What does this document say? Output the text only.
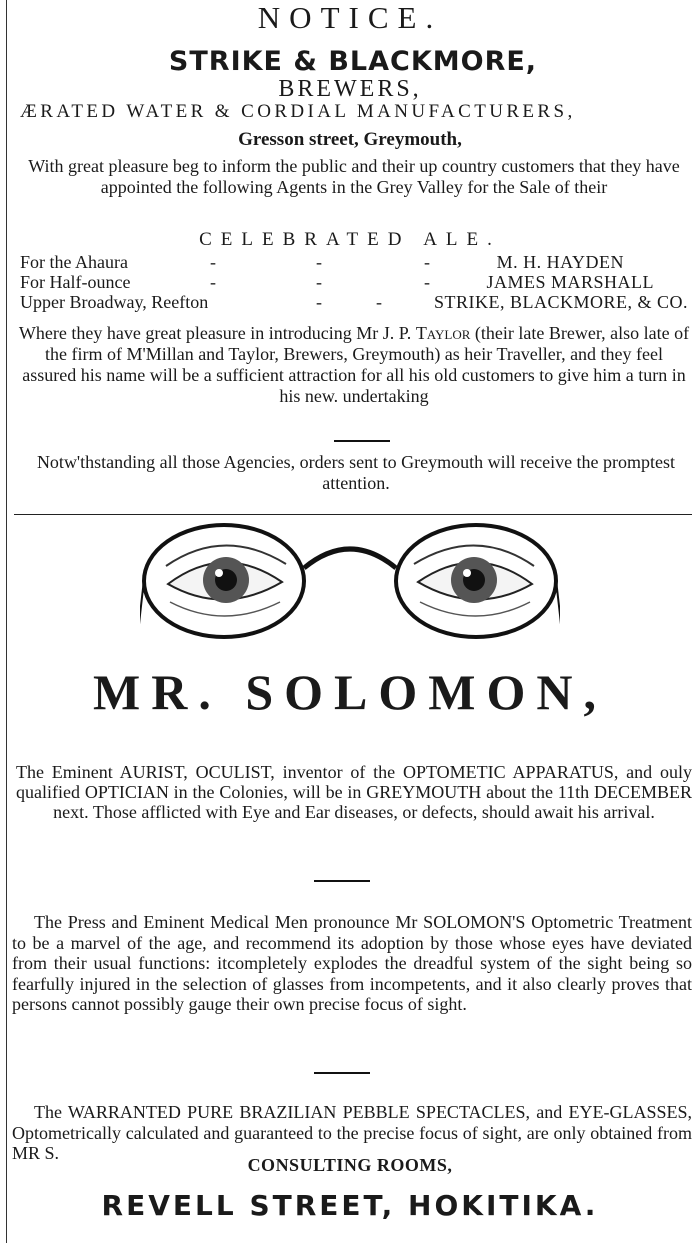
NOTICE.
STRIKE & BLACKMORE,
BREWERS,
ÆRATED WATER & CORDIAL MANUFACTURERS,
Gresson street, Greymouth,
With great pleasure beg to inform the public and their up country customers that they have appointed the following Agents in the Grey Valley for the Sale of their
CELEBRATED ALE.
For the Ahaura	-	-	-	M. H. HAYDEN
For Half-ounce	-	-	-	JAMES MARSHALL
Upper Broadway, Reefton	-	-	STRIKE, BLACKMORE, & CO.
Where they have great pleasure in introducing Mr J. P. Taylor (their late Brewer, also late of the firm of M'Millan and Taylor, Brewers, Greymouth) as heir Traveller, and they feel assured his name will be a sufficient attraction for all his old customers to give him a turn in his new. undertaking
Notw'thstanding all those Agencies, orders sent to Greymouth will receive the promptest attention.
MR. SOLOMON,
The Eminent AURIST, OCULIST, inventor of the OPTOMETIC APPARATUS, and ouly qualified OPTICIAN in the Colonies, will be in GREYMOUTH about the 11th DECEMBER next. Those afflicted with Eye and Ear diseases, or defects, should await his arrival.
The Press and Eminent Medical Men pronounce Mr SOLOMON'S Optometric Treatment to be a marvel of the age, and recommend its adoption by those whose eyes have deviated from their usual functions: itcompletely explodes the dreadful system of the sight being so fearfully injured in the selection of glasses from incompetents, and it also clearly proves that persons cannot possibly gauge their own precise focus of sight.
The WARRANTED PURE BRAZILIAN PEBBLE SPECTACLES, and EYE-GLASSES, Optometrically calculated and guaranteed to the precise focus of sight, are only obtained from MR S.
CONSULTING ROOMS,
REVELL STREET, HOKITIKA.
